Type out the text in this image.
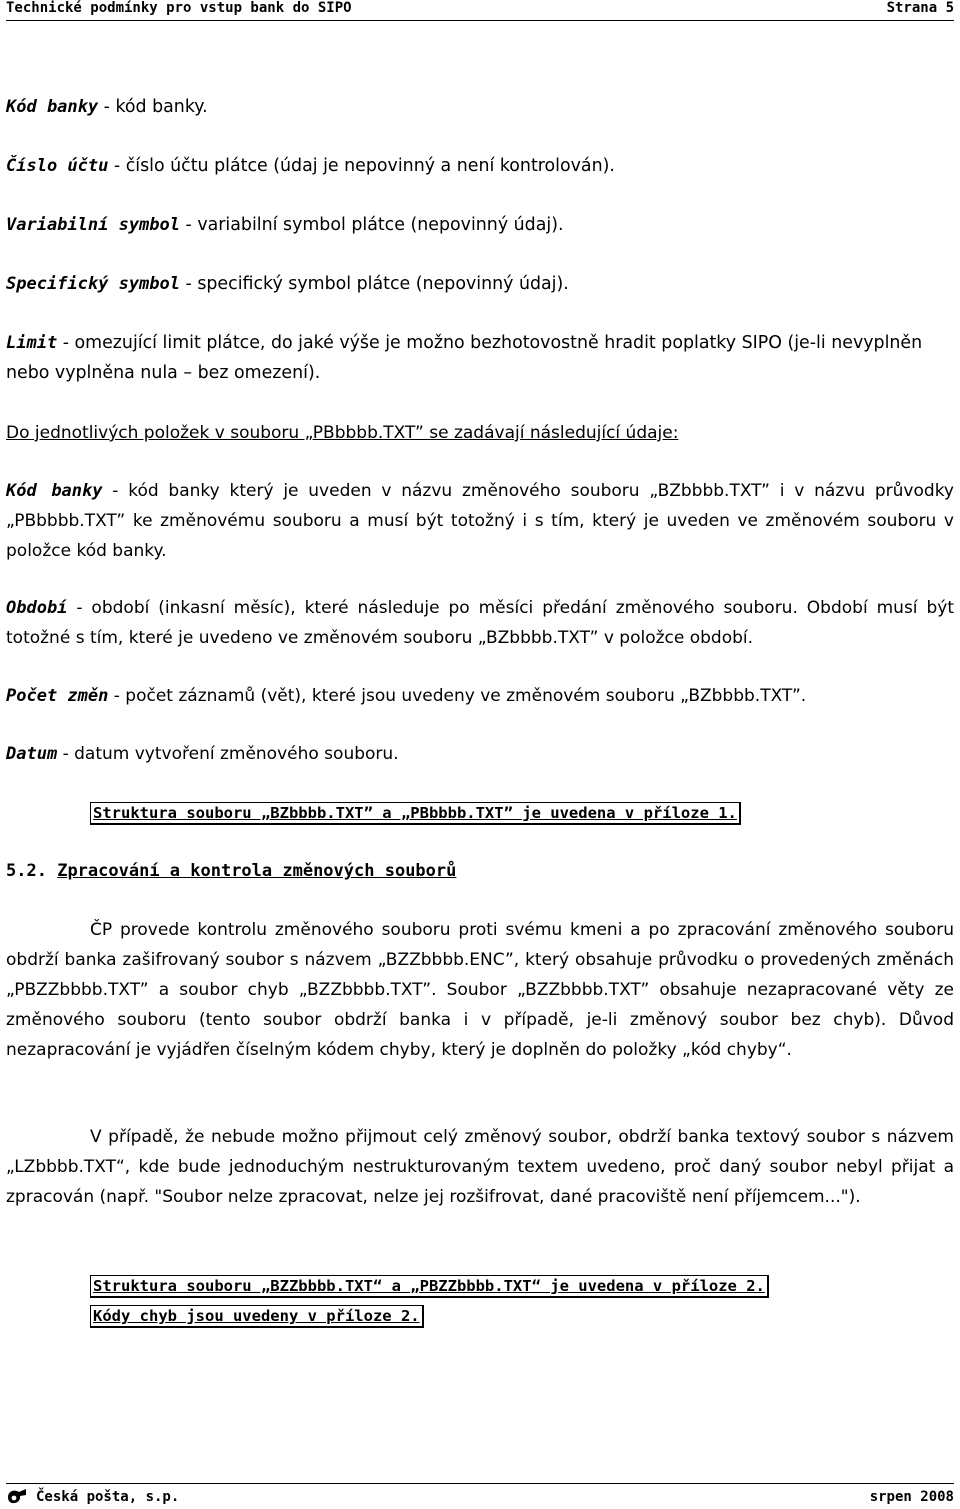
Technické podmínky pro vstup bank do SIPO	Strana 5

Kód banky - kód banky.

Číslo účtu - číslo účtu plátce (údaj je nepovinný a není kontrolován).

Variabilní symbol - variabilní symbol plátce (nepovinný údaj).

Specifický symbol - specifický symbol plátce (nepovinný údaj).

Limit - omezující limit plátce, do jaké výše je možno bezhotovostně hradit poplatky SIPO (je-li nevyplněn nebo vyplněna nula – bez omezení).

Do jednotlivých položek v souboru „PBbbbb.TXT” se zadávají následující údaje:

Kód banky - kód banky který je uveden v názvu změnového souboru „BZbbbb.TXT” i v názvu průvodky „PBbbbb.TXT” ke změnovému souboru a musí být totožný i s tím, který je uveden ve změnovém souboru v položce kód banky.

Období - období (inkasní měsíc), které následuje po měsíci předání změnového souboru. Období musí být totožné s tím, které je uvedeno ve změnovém souboru „BZbbbb.TXT” v položce období.

Počet změn - počet záznamů (vět), které jsou uvedeny ve změnovém souboru „BZbbbb.TXT”.

Datum - datum vytvoření změnového souboru.

Struktura souboru „BZbbbb.TXT” a „PBbbbb.TXT” je uvedena v příloze 1.
5.2. Zpracování a kontrola změnových souborů

ČP provede kontrolu změnového souboru proti svému kmeni a po zpracování změnového souboru obdrží banka zašifrovaný soubor s názvem „BZZbbbb.ENC”, který obsahuje průvodku o provedených změnách „PBZZbbbb.TXT” a soubor chyb „BZZbbbb.TXT”. Soubor „BZZbbbb.TXT” obsahuje nezapracované věty ze změnového souboru (tento soubor obdrží banka i v případě, je-li změnový soubor bez chyb). Důvod nezapracování je vyjádřen číselným kódem chyby, který je doplněn do položky „kód chyby“.

V případě, že nebude možno přijmout celý změnový soubor, obdrží banka textový soubor s názvem „LZbbbb.TXT“, kde bude jednoduchým nestrukturovaným textem uvedeno, proč daný soubor nebyl přijat a zpracován (např. "Soubor nelze zpracovat, nelze jej rozšifrovat, dané pracoviště není příjemcem...").

Struktura souboru „BZZbbbb.TXT“ a „PBZZbbbb.TXT“ je uvedena v příloze 2.
Kódy chyb jsou uvedeny v příloze 2.
Česká pošta, s.p.	srpen 2008
